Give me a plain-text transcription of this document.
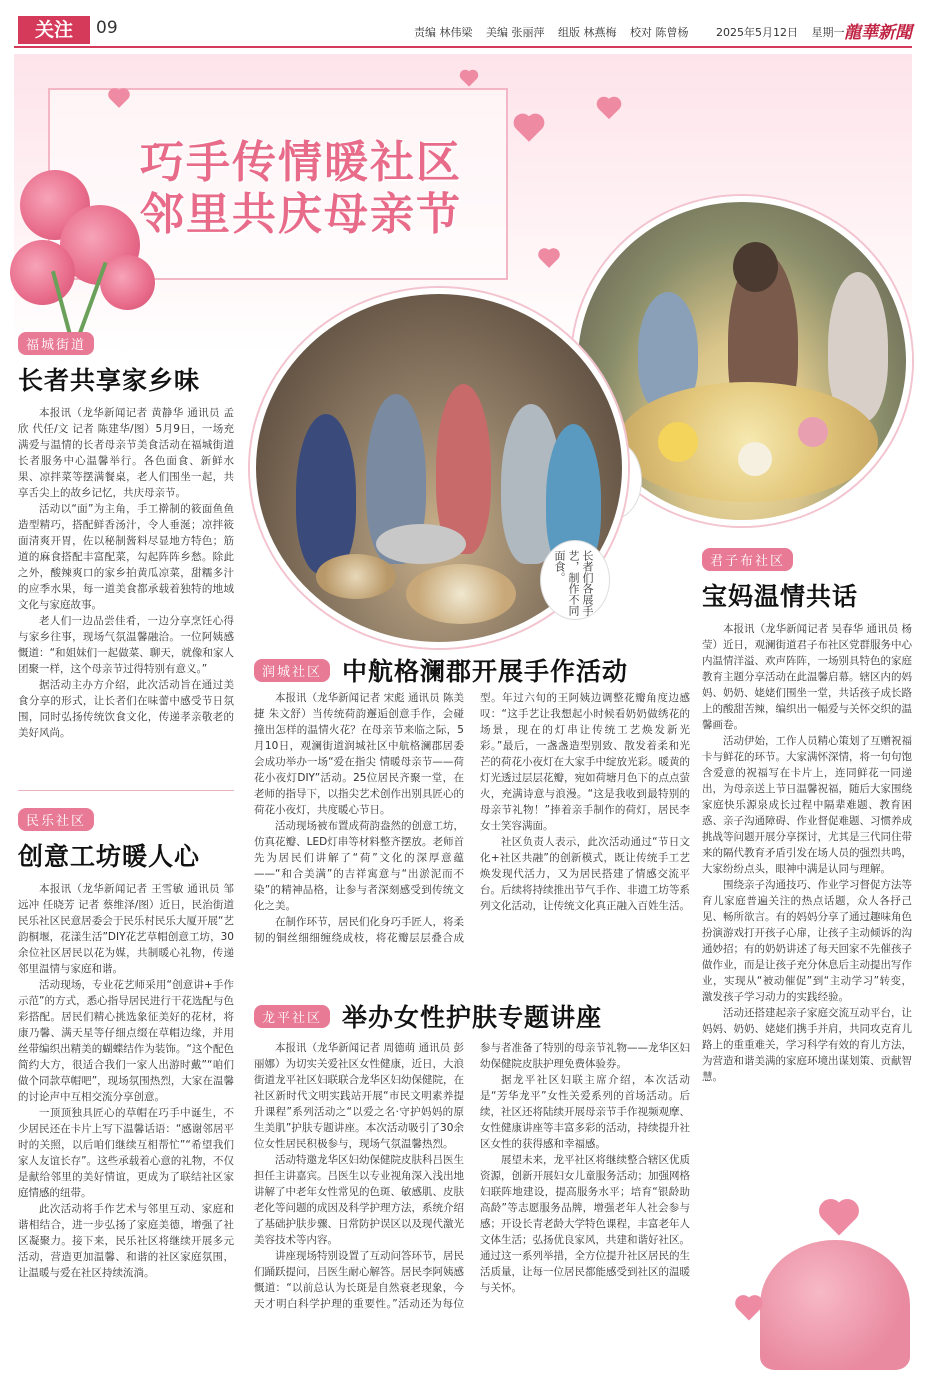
关注	09	责编 林伟梁 美编 张丽萍 组版 林燕梅 校对 陈曾杨	2025年5月12日 星期一 龍華新聞
巧手传情暖社区
邻里共庆母亲节
长者们各展手艺，制作不同面食。
福城街道
长者共享家乡味

本报讯（龙华新闻记者 黄静华 通讯员 孟欣 代任/文 记者 陈建华/图）5月9日，一场充满爱与温情的长者母亲节美食活动在福城街道长者服务中心温馨举行。各色面食、新鲜水果、凉拌菜等摆满餐桌，老人们围坐一起，共享舌尖上的故乡记忆，共庆母亲节。

活动以“面”为主角，手工擀制的筱面鱼鱼造型精巧，搭配鲜香汤汁，令人垂涎；凉拌筱面清爽开胃，佐以秘制酱料尽显地方特色；筋道的麻食搭配丰富配菜，勾起阵阵乡愁。除此之外，酸辣爽口的家乡拍黄瓜凉菜，甜糯多汁的应季水果，每一道美食都承载着独特的地域文化与家庭故事。

老人们一边品尝佳肴，一边分享烹饪心得与家乡往事，现场气氛温馨融洽。一位阿姨感慨道：“和姐妹们一起做菜、聊天，就像和家人团聚一样，这个母亲节过得特别有意义。”

据活动主办方介绍，此次活动旨在通过美食分享的形式，让长者们在味蕾中感受节日氛围，同时弘扬传统饮食文化，传递孝亲敬老的美好风尚。

民乐社区
创意工坊暖人心

本报讯（龙华新闻记者 王雪敏 通讯员 邹远冲 任晓芳 记者 蔡维泽/图）近日，民治街道民乐社区民意居委会于民乐村民乐大厦开展“艺韵桐堰，花漾生活”DIY花艺草帽创意工坊，30余位社区居民以花为媒，共制暖心礼物，传递邻里温情与家庭和谐。

活动现场，专业花艺师采用“创意讲+手作示范”的方式，悉心指导居民进行干花选配与色彩搭配。居民们精心挑选象征美好的花材，将康乃馨、满天星等仔细点缀在草帽边缘，并用丝带编织出精美的蝴蝶结作为装饰。“这个配色简约大方，很适合我们一家人出游时戴”“咱们做个同款草帽吧”，现场氛围热烈，大家在温馨的讨论声中互相交流分享创意。

一顶顶独具匠心的草帽在巧手中诞生，不少居民还在卡片上写下温馨话语：“感谢邻居平时的关照，以后咱们继续互相帮忙”“希望我们家人友谊长存”。这些承载着心意的礼物，不仅是献给邻里的美好情谊，更成为了联结社区家庭情感的纽带。

此次活动将手作艺术与邻里互动、家庭和谐相结合，进一步弘扬了家庭美德，增强了社区凝聚力。接下来，民乐社区将继续开展多元活动，营造更加温馨、和谐的社区家庭氛围，让温暖与爱在社区持续流淌。

润城社区 中航格澜郡开展手作活动

本报讯（龙华新闻记者 宋彪 通讯员 陈美捷 朱文舒）当传统荷韵邂逅创意手作，会碰撞出怎样的温情火花？在母亲节来临之际，5月10日，观澜街道润城社区中航格澜郡居委会成功举办一场“爱在指尖 情暖母亲节——荷花小夜灯DIY”活动。25位居民齐聚一堂，在老师的指导下，以指尖艺术创作出别具匠心的荷花小夜灯，共度暖心节日。

活动现场被布置成荷韵盎然的创意工坊，仿真花瓣、LED灯串等材料整齐摆放。老师首先为居民们讲解了“荷”文化的深厚意蕴——“和合美满”的吉祥寓意与“出淤泥而不染”的精神品格，让参与者深刻感受到传统文化之美。

在制作环节，居民们化身巧手匠人，将柔韧的铜丝细细缠绕成枝，将花瓣层层叠合成型。年过六旬的王阿姨边调整花瓣角度边感叹：“这手艺让我想起小时候看奶奶做绣花的场景，现在的灯串让传统工艺焕发新光彩。”最后，一盏盏造型别致、散发着柔和光芒的荷花小夜灯在大家手中绽放光彩。暖黄的灯光透过层层花瓣，宛如荷塘月色下的点点萤火，充满诗意与浪漫。“这是我收到最特别的母亲节礼物！”捧着亲手制作的荷灯，居民李女士笑容满面。

社区负责人表示，此次活动通过“节日文化+社区共融”的创新模式，既让传统手工艺焕发现代活力，又为居民搭建了情感交流平台。后续将持续推出节气手作、非遗工坊等系列文化活动，让传统文化真正融入百姓生活。

龙平社区 举办女性护肤专题讲座

本报讯（龙华新闻记者 周德萌 通讯员 彭丽娜）为切实关爱社区女性健康，近日，大浪街道龙平社区妇联联合龙华区妇幼保健院，在社区新时代文明实践站开展“市民文明素养提升课程”系列活动之“以爱之名·守护妈妈的原生美肌”护肤专题讲座。本次活动吸引了30余位女性居民积极参与，现场气氛温馨热烈。

活动特邀龙华区妇幼保健院皮肤科吕医生担任主讲嘉宾。吕医生以专业视角深入浅出地讲解了中老年女性常见的色斑、敏感肌、皮肤老化等问题的成因及科学护理方法，系统介绍了基础护肤步骤、日常防护误区以及现代激光美容技术等内容。

讲座现场特别设置了互动问答环节，居民们踊跃提问，吕医生耐心解答。居民李阿姨感慨道：“以前总认为长斑是自然衰老现象，今天才明白科学护理的重要性。”活动还为每位参与者准备了特别的母亲节礼物——龙华区妇幼保健院皮肤护理免费体验券。

据龙平社区妇联主席介绍，本次活动是“芳华龙平”女性关爱系列的首场活动。后续，社区还将陆续开展母亲节手作视频观摩、女性健康讲座等丰富多彩的活动，持续提升社区女性的获得感和幸福感。

展望未来，龙平社区将继续整合辖区优质资源，创新开展妇女儿童服务活动；加强网格妇联阵地建设，提高服务水平；培育“银龄助高龄”等志愿服务品牌，增强老年人社会参与感；开设长青老龄大学特色课程，丰富老年人文体生活；弘扬优良家风，共建和谐好社区。通过这一系列举措，全方位提升社区居民的生活质量，让每一位居民都能感受到社区的温暖与关怀。

君子布社区
宝妈温情共话

本报讯（龙华新闻记者 吴春华 通讯员 杨莹）近日，观澜街道君子布社区党群服务中心内温情洋溢、欢声阵阵，一场别具特色的家庭教育主题分享活动在此温馨启幕。辖区内的妈妈、奶奶、姥姥们围坐一堂，共话孩子成长路上的酸甜苦辣，编织出一幅爱与关怀交织的温馨画卷。

活动伊始，工作人员精心策划了互赠祝福卡与鲜花的环节。大家满怀深情，将一句句饱含爱意的祝福写在卡片上，连同鲜花一同递出，为母亲送上节日温馨祝福，随后大家围绕家庭快乐源泉成长过程中隔辈难题、教育困惑、亲子沟通障碍、作业督促难题、习惯养成挑战等问题开展分享探讨，尤其是三代同住带来的隔代教育矛盾引发在场人员的强烈共鸣，大家纷纷点头，眼神中满是认同与理解。

围绕亲子沟通技巧、作业学习督促方法等育儿家庭普遍关注的热点话题，众人各抒己见、畅所欲言。有的妈妈分享了通过趣味角色扮演游戏打开孩子心扉，让孩子主动倾诉的沟通妙招；有的奶奶讲述了每天回家不先催孩子做作业，而是让孩子充分休息后主动提出写作业，实现从“被动催促”到“主动学习”转变，激发孩子学习动力的实践经验。

活动还搭建起亲子家庭交流互动平台，让妈妈、奶奶、姥姥们携手并肩，共同攻克育儿路上的重重难关，学习科学有效的育儿方法，为营造和谐美满的家庭环境出谋划策、贡献智慧。
